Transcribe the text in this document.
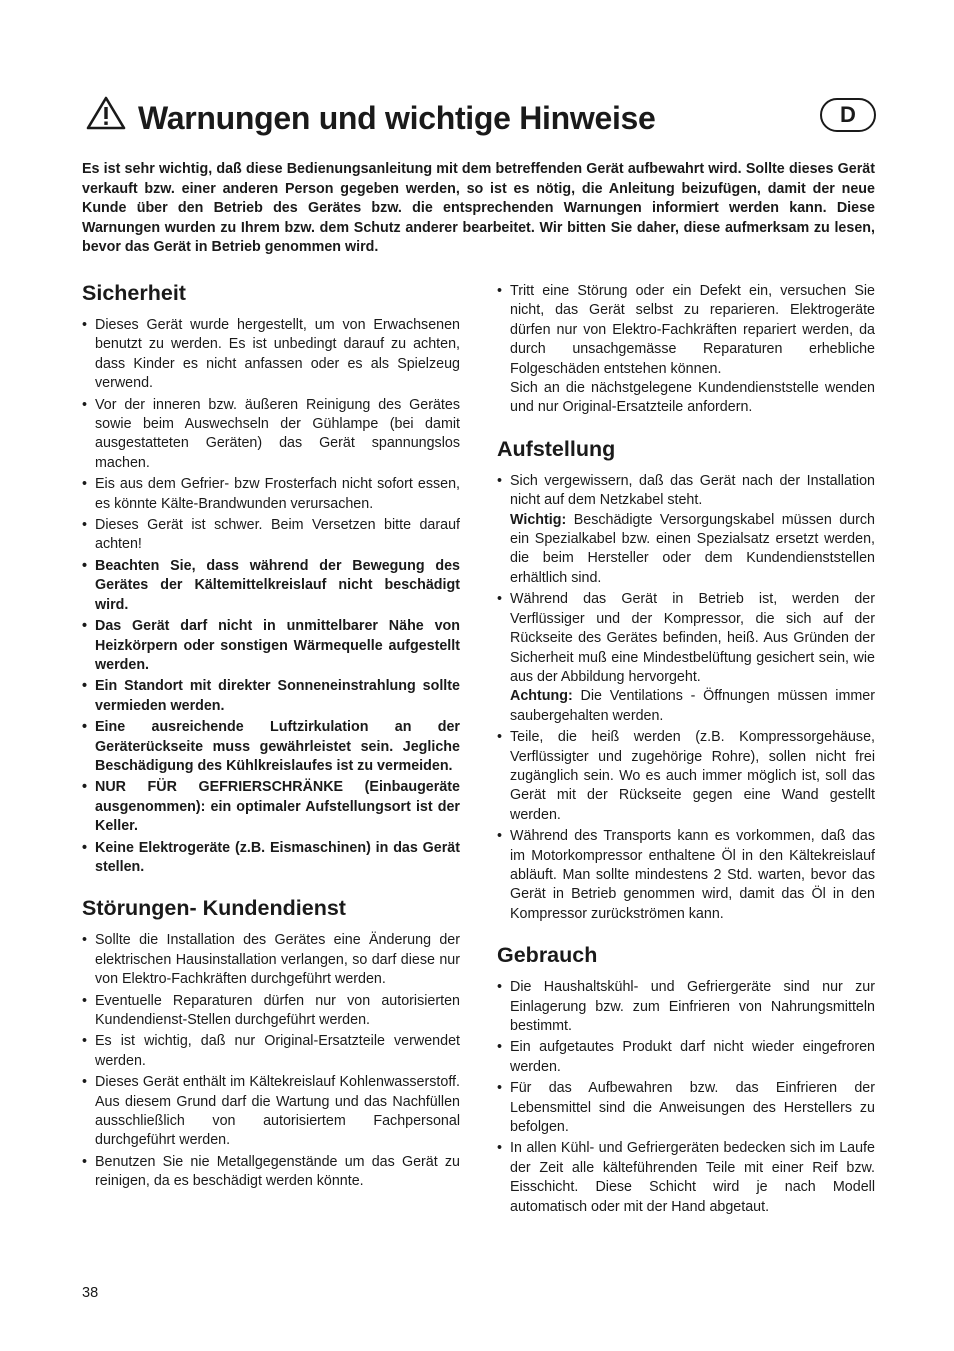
Warnungen und wichtige Hinweise	D

Es ist sehr wichtig, daß diese Bedienungsanleitung mit dem betreffenden Gerät aufbewahrt wird. Sollte dieses Gerät verkauft bzw. einer anderen Person gegeben werden, so ist es nötig, die Anleitung beizufügen, damit der neue Kunde über den Betrieb des Gerätes bzw. die entsprechenden Warnungen informiert werden kann. Diese Warnungen wurden zu Ihrem bzw. dem Schutz anderer bearbeitet. Wir bitten Sie daher, diese aufmerksam zu lesen, bevor das Gerät in Betrieb genommen wird.

Sicherheit
• Dieses Gerät wurde hergestellt, um von Erwachsenen benutzt zu werden. Es ist unbedingt darauf zu achten, dass Kinder es nicht anfassen oder es als Spielzeug verwend.
• Vor der inneren bzw. äußeren Reinigung des Gerätes sowie beim Auswechseln der Gühlampe (bei damit ausgestatteten Geräten) das Gerät spannungslos machen.
• Eis aus dem Gefrier- bzw Frosterfach nicht sofort essen, es könnte Kälte-Brandwunden verursachen.
• Dieses Gerät ist schwer. Beim Versetzen bitte darauf achten!
• Beachten Sie, dass während der Bewegung des Gerätes der Kältemittelkreislauf nicht beschädigt wird.
• Das Gerät darf nicht in unmittelbarer Nähe von Heizkörpern oder sonstigen Wärmequelle aufgestellt werden.
• Ein Standort mit direkter Sonneneinstrahlung sollte vermieden werden.
• Eine ausreichende Luftzirkulation an der Geräterückseite muss gewährleistet sein. Jegliche Beschädigung des Kühlkreislaufes ist zu vermeiden.
• NUR FÜR GEFRIERSCHRÄNKE (Einbaugeräte ausgenommen): ein optimaler Aufstellungsort ist der Keller.
• Keine Elektrogeräte (z.B. Eismaschinen) in das Gerät stellen.
Störungen- Kundendienst
• Sollte die Installation des Gerätes eine Änderung der elektrischen Hausinstallation verlangen, so darf diese nur von Elektro-Fachkräften durchgeführt werden.
• Eventuelle Reparaturen dürfen nur von autorisierten Kundendienst-Stellen durchgeführt werden.
• Es ist wichtig, daß nur Original-Ersatzteile verwendet werden.
• Dieses Gerät enthält im Kältekreislauf Kohlenwasserstoff. Aus diesem Grund darf die Wartung und das Nachfüllen ausschließlich von autorisiertem Fachpersonal durchgeführt werden.
• Benutzen Sie nie Metallgegenstände um das Gerät zu reinigen, da es beschädigt werden könnte.
• Tritt eine Störung oder ein Defekt ein, versuchen Sie nicht, das Gerät selbst zu reparieren. Elektrogeräte dürfen nur von Elektro-Fachkräften repariert werden, da durch unsachgemässe Reparaturen erhebliche Folgeschäden entstehen können.
Sich an die nächstgelegene Kundendienststelle wenden und nur Original-Ersatzteile anfordern.
Aufstellung
• Sich vergewissern, daß das Gerät nach der Installation nicht auf dem Netzkabel steht.
Wichtig: Beschädigte Versorgungskabel müssen durch ein Spezialkabel bzw. einen Spezialsatz ersetzt werden, die beim Hersteller oder dem Kundendienststellen erhältlich sind.
• Während das Gerät in Betrieb ist, werden der Verflüssiger und der Kompressor, die sich auf der Rückseite des Gerätes befinden, heiß. Aus Gründen der Sicherheit muß eine Mindestbelüftung gesichert sein, wie aus der Abbildung hervorgeht.
Achtung: Die Ventilations - Öffnungen müssen immer saubergehalten werden.
• Teile, die heiß werden (z.B. Kompressorgehäuse, Verflüssigter und zugehörige Rohre), sollen nicht frei zugänglich sein. Wo es auch immer möglich ist, soll das Gerät mit der Rückseite gegen eine Wand gestellt werden.
• Während des Transports kann es vorkommen, daß das im Motorkompressor enthaltene Öl in den Kältekreislauf abläuft. Man sollte mindestens 2 Std. warten, bevor das Gerät in Betrieb genommen wird, damit das Öl in den Kompressor zurückströmen kann.
Gebrauch
• Die Haushaltskühl- und Gefriergeräte sind nur zur Einlagerung bzw. zum Einfrieren von Nahrungsmitteln bestimmt.
• Ein aufgetautes Produkt darf nicht wieder eingefroren werden.
• Für das Aufbewahren bzw. das Einfrieren der Lebensmittel sind die Anweisungen des Herstellers zu befolgen.
• In allen Kühl- und Gefriergeräten bedecken sich im Laufe der Zeit alle kälteführenden Teile mit einer Reif bzw. Eisschicht. Diese Schicht wird je nach Modell automatisch oder mit der Hand abgetaut.
38
